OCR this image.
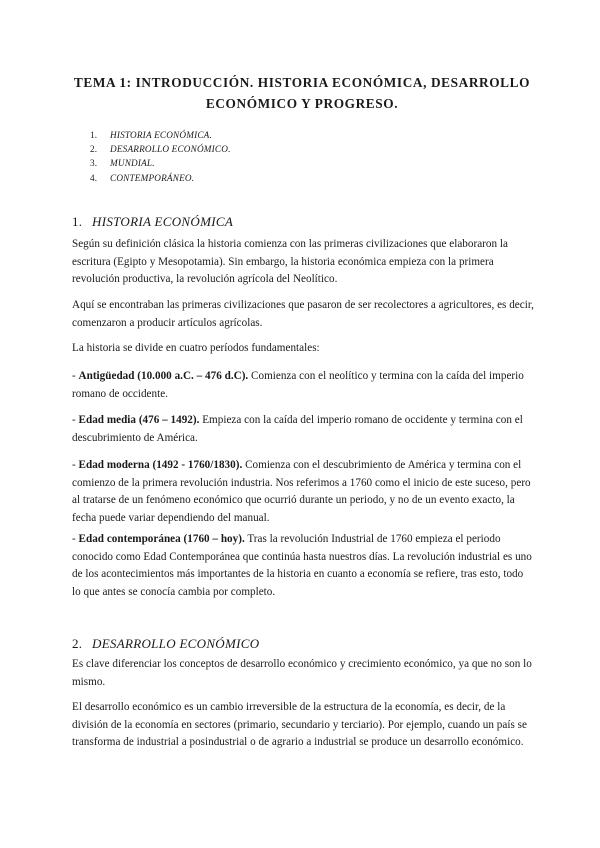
TEMA 1: INTRODUCCIÓN. HISTORIA ECONÓMICA, DESARROLLO
ECONÓMICO Y PROGRESO.
1. HISTORIA ECONÓMICA.
2. DESARROLLO ECONÓMICO.
3. MUNDIAL.
4. CONTEMPORÁNEO.
1. HISTORIA ECONÓMICA

Según su definición clásica la historia comienza con las primeras civilizaciones que elaboraron la escritura (Egipto y Mesopotamia). Sin embargo, la historia económica empieza con la primera revolución productiva, la revolución agrícola del Neolítico.

Aquí se encontraban las primeras civilizaciones que pasaron de ser recolectores a agricultores, es decir, comenzaron a producir artículos agrícolas.

La historia se divide en cuatro períodos fundamentales:

- Antigüedad (10.000 a.C. – 476 d.C). Comienza con el neolítico y termina con la caída del imperio romano de occidente.

- Edad media (476 – 1492). Empieza con la caída del imperio romano de occidente y termina con el descubrimiento de América.

- Edad moderna (1492 - 1760/1830). Comienza con el descubrimiento de América y termina con el comienzo de la primera revolución industria. Nos referimos a 1760 como el inicio de este suceso, pero al tratarse de un fenómeno económico que ocurrió durante un periodo, y no de un evento exacto, la fecha puede variar dependiendo del manual.

- Edad contemporánea (1760 – hoy). Tras la revolución Industrial de 1760 empieza el periodo conocido como Edad Contemporánea que continúa hasta nuestros días. La revolución industrial es uno de los acontecimientos más importantes de la historia en cuanto a economía se refiere, tras esto, todo lo que antes se conocía cambia por completo.

2. DESARROLLO ECONÓMICO

Es clave diferenciar los conceptos de desarrollo económico y crecimiento económico, ya que no son lo mismo.

El desarrollo económico es un cambio irreversible de la estructura de la economía, es decir, de la división de la economía en sectores (primario, secundario y terciario). Por ejemplo, cuando un país se transforma de industrial a posindustrial o de agrario a industrial se produce un desarrollo económico.
